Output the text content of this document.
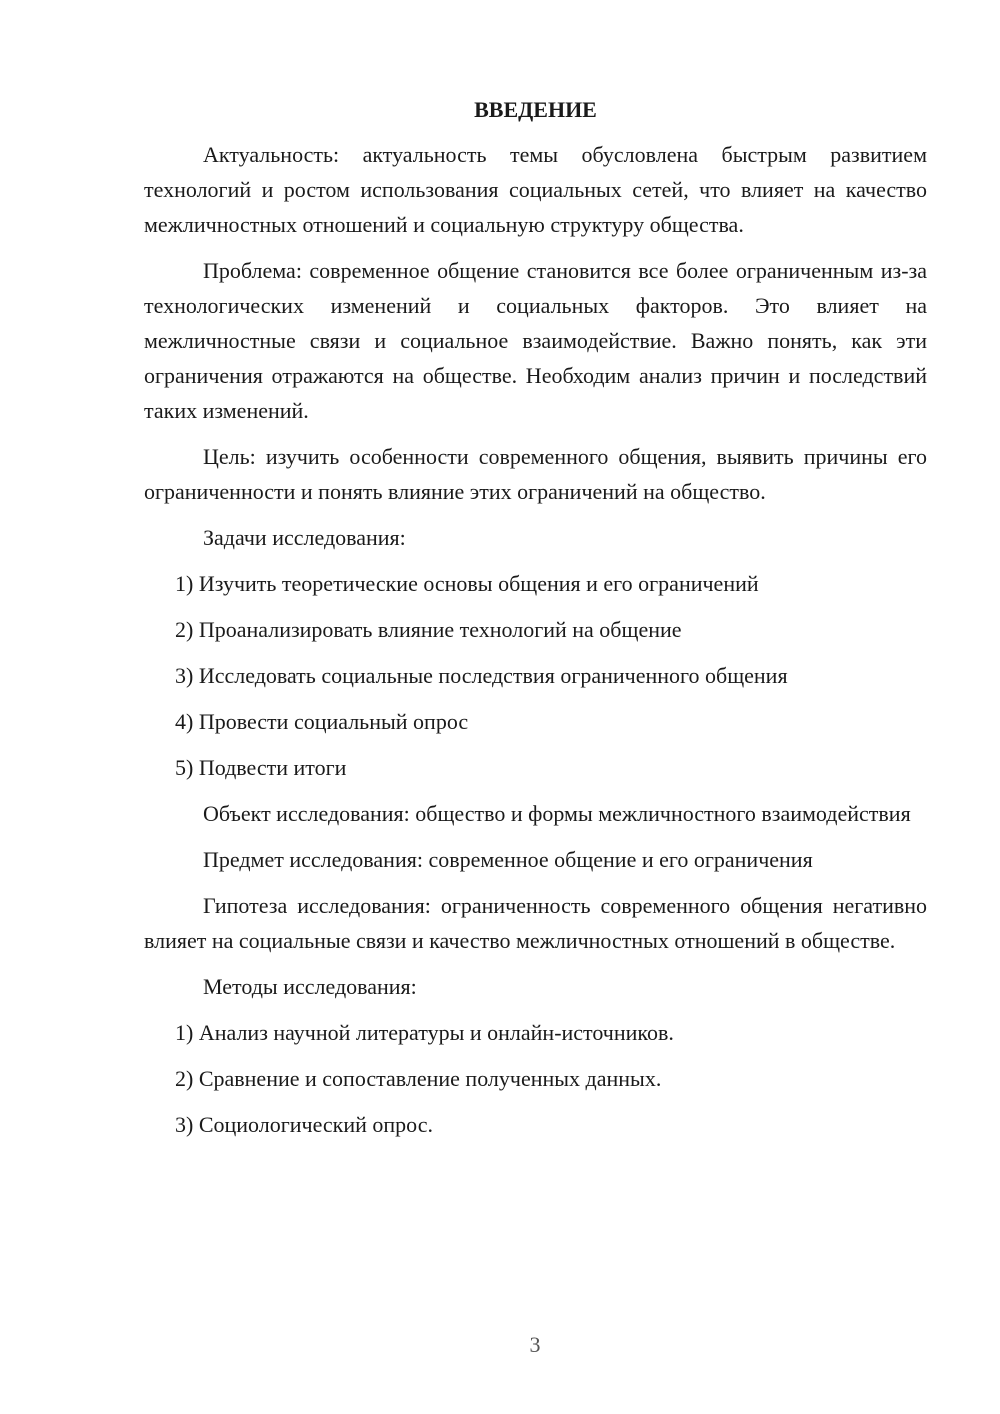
ВВЕДЕНИЕ
Актуальность: актуальность темы обусловлена быстрым развитием технологий и ростом использования социальных сетей, что влияет на качество межличностных отношений и социальную структуру общества.
Проблема: современное общение становится все более ограниченным из-за технологических изменений и социальных факторов. Это влияет на межличностные связи и социальное взаимодействие. Важно понять, как эти ограничения отражаются на обществе. Необходим анализ причин и последствий таких изменений.
Цель: изучить особенности современного общения, выявить причины его ограниченности и понять влияние этих ограничений на общество.
Задачи исследования:
1) Изучить теоретические основы общения и его ограничений
2) Проанализировать влияние технологий на общение
3) Исследовать социальные последствия ограниченного общения
4) Провести социальный опрос
5) Подвести итоги
Объект исследования: общество и формы межличностного взаимодействия
Предмет исследования: современное общение и его ограничения
Гипотеза исследования: ограниченность современного общения негативно влияет на социальные связи и качество межличностных отношений в обществе.
Методы исследования:
1) Анализ научной литературы и онлайн-источников.
2) Сравнение и сопоставление полученных данных.
3) Социологический опрос.
3
